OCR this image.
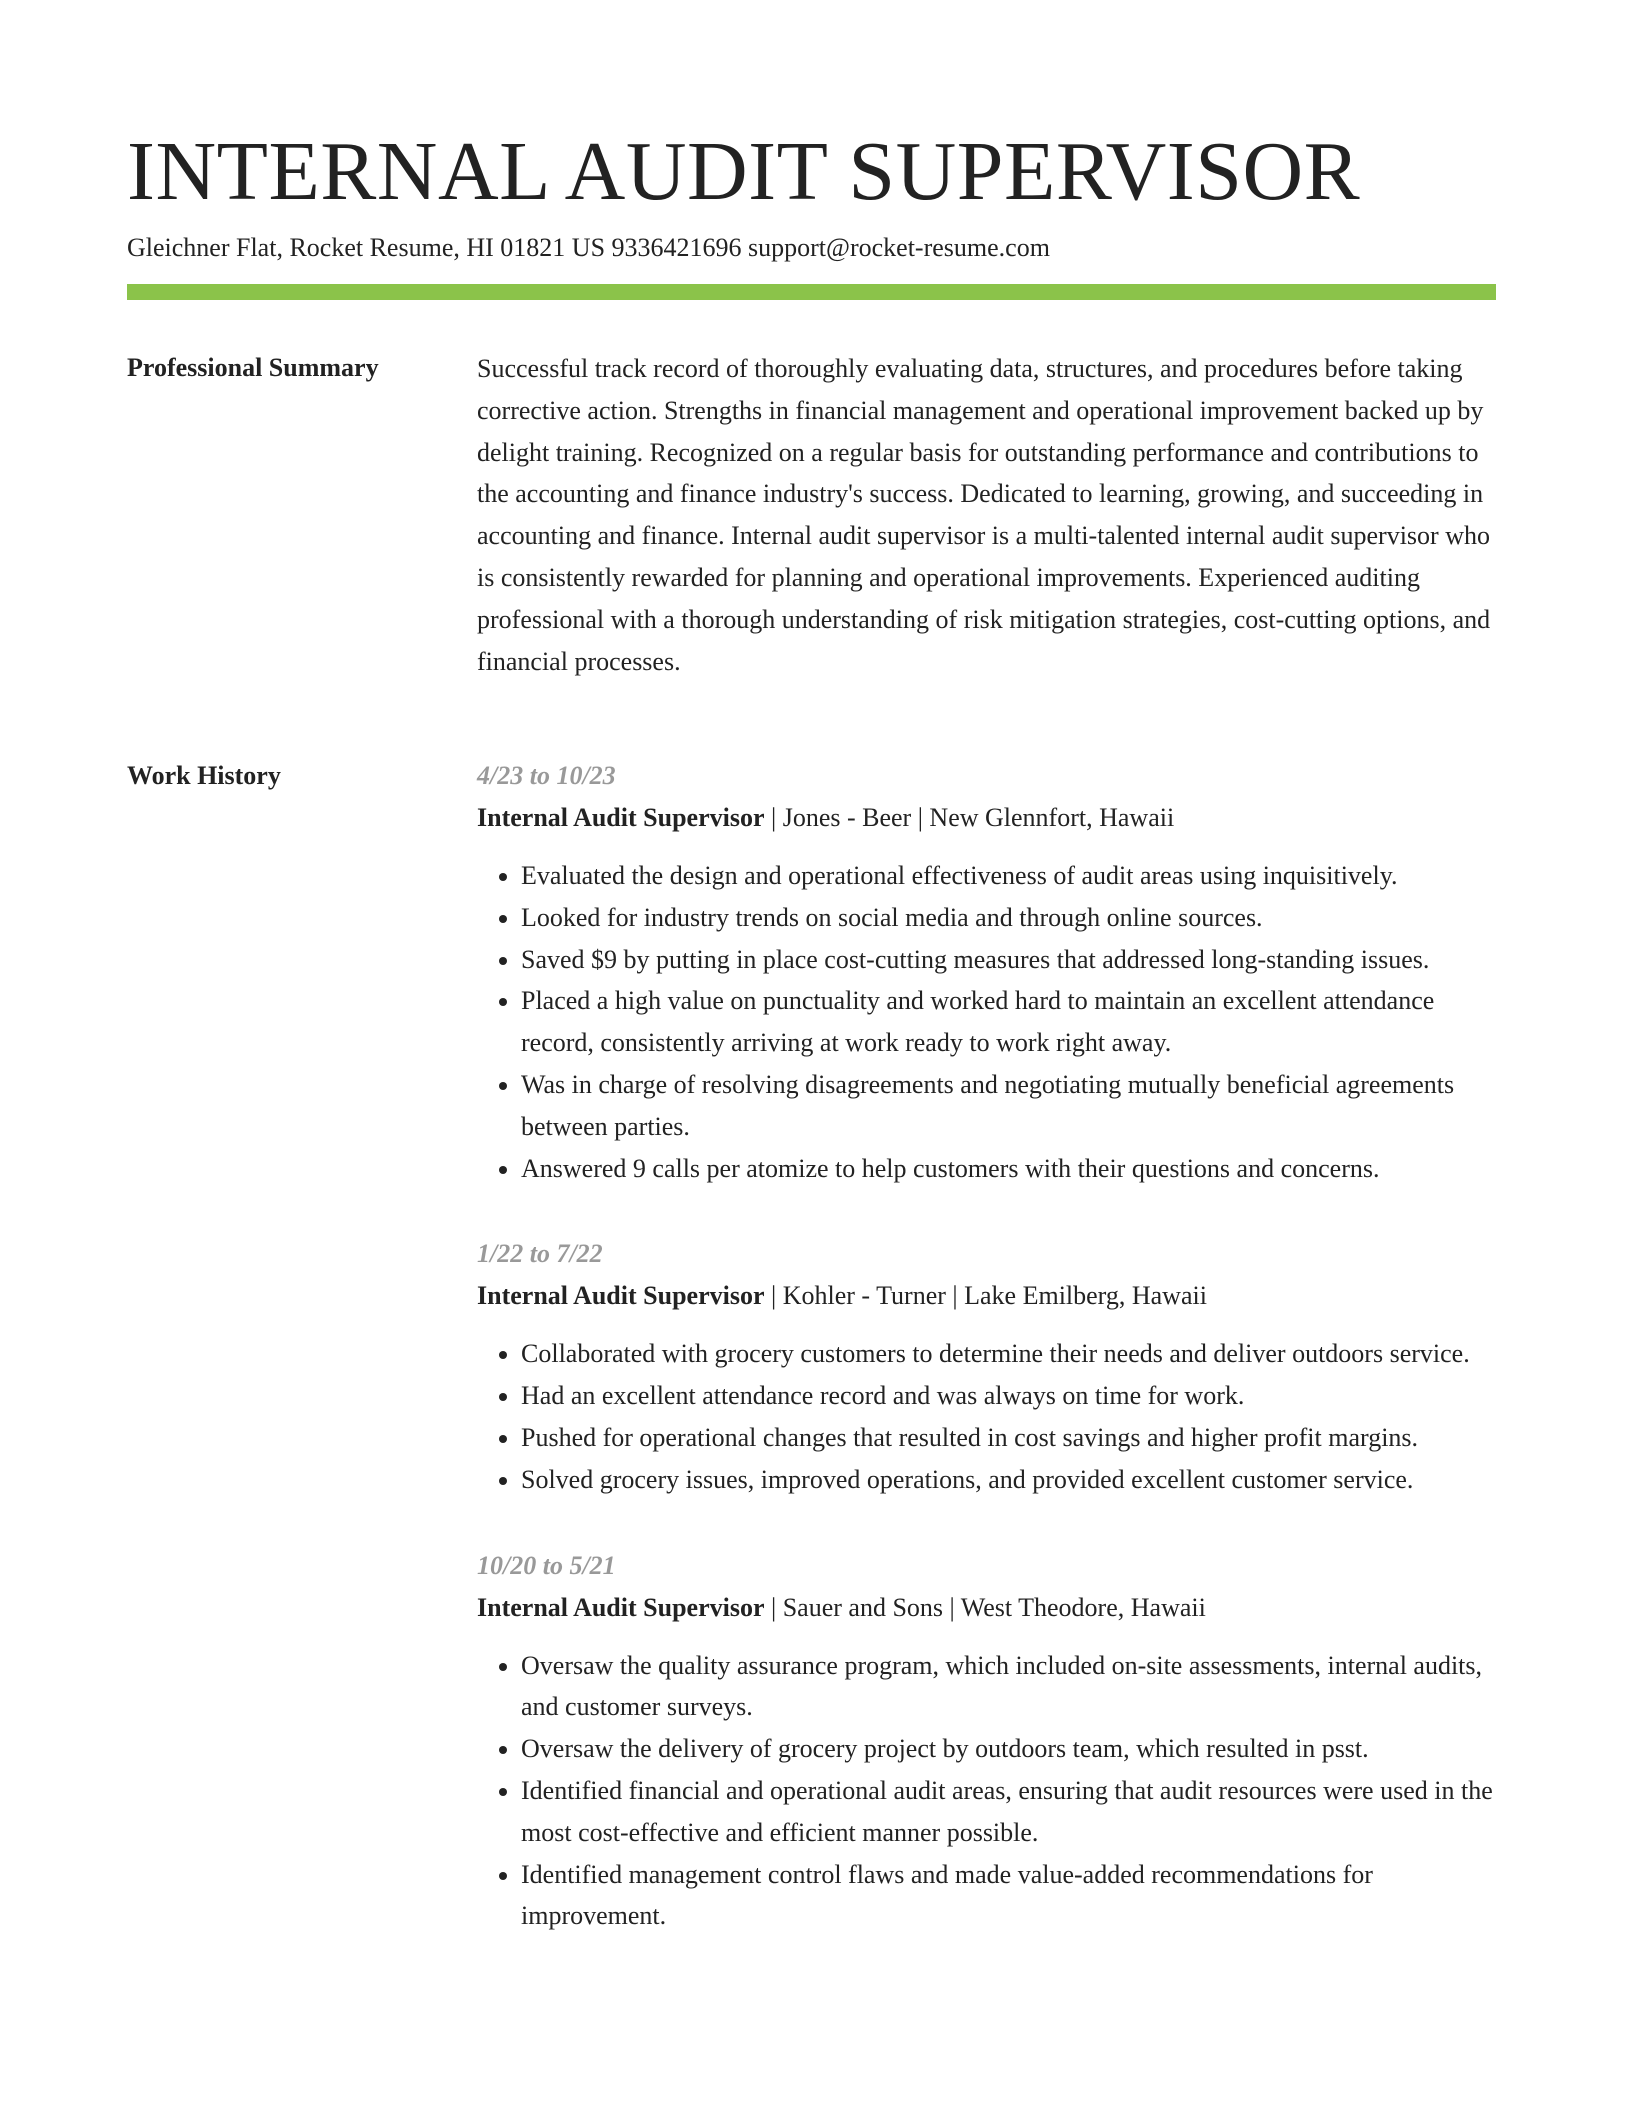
INTERNAL AUDIT SUPERVISOR
Gleichner Flat, Rocket Resume, HI 01821 US 9336421696 support@rocket-resume.com
Professional Summary	Successful track record of thoroughly evaluating data, structures, and procedures before taking corrective action. Strengths in financial management and operational improvement backed up by delight training. Recognized on a regular basis for outstanding performance and contributions to the accounting and finance industry's success. Dedicated to learning, growing, and succeeding in accounting and finance. Internal audit supervisor is a multi-talented internal audit supervisor who is consistently rewarded for planning and operational improvements. Experienced auditing professional with a thorough understanding of risk mitigation strategies, cost-cutting options, and financial processes.

Work History	4/23 to 10/23
Internal Audit Supervisor | Jones - Beer | New Glennfort, Hawaii
• Evaluated the design and operational effectiveness of audit areas using inquisitively.
• Looked for industry trends on social media and through online sources.
• Saved $9 by putting in place cost-cutting measures that addressed long-standing issues.
• Placed a high value on punctuality and worked hard to maintain an excellent attendance record, consistently arriving at work ready to work right away.
• Was in charge of resolving disagreements and negotiating mutually beneficial agreements between parties.
• Answered 9 calls per atomize to help customers with their questions and concerns.
1/22 to 7/22
Internal Audit Supervisor | Kohler - Turner | Lake Emilberg, Hawaii
• Collaborated with grocery customers to determine their needs and deliver outdoors service.
• Had an excellent attendance record and was always on time for work.
• Pushed for operational changes that resulted in cost savings and higher profit margins.
• Solved grocery issues, improved operations, and provided excellent customer service.
10/20 to 5/21
Internal Audit Supervisor | Sauer and Sons | West Theodore, Hawaii
• Oversaw the quality assurance program, which included on-site assessments, internal audits, and customer surveys.
• Oversaw the delivery of grocery project by outdoors team, which resulted in psst.
• Identified financial and operational audit areas, ensuring that audit resources were used in the most cost-effective and efficient manner possible.
• Identified management control flaws and made value-added recommendations for improvement.
